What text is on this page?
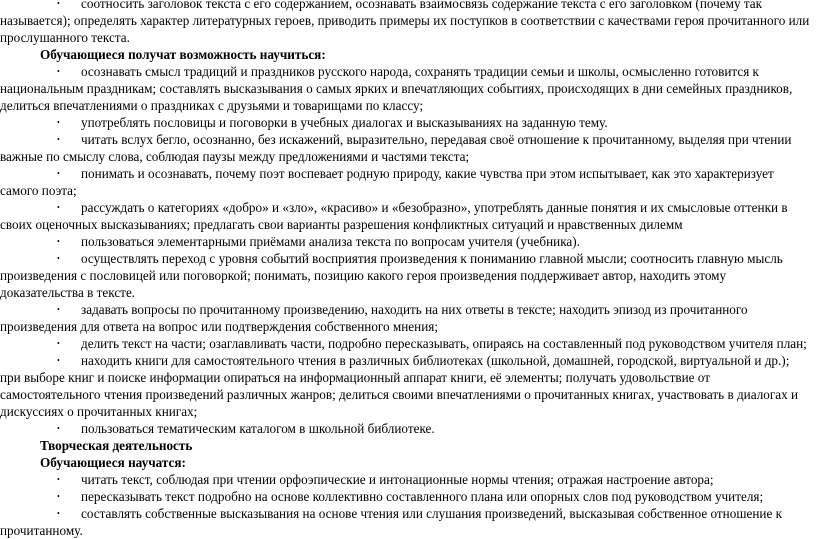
• соотносить заголовок текста с его содержанием, осознавать взаимосвязь содержание текста с его заголовком (почему так называется); определять характер литературных героев, приводить примеры их поступков в соответствии с качествами героя прочитанного или прослушанного текста.

Обучающиеся получат возможность научиться:

• осознавать смысл традиций и праздников русского народа, сохранять традиции семьи и школы, осмысленно готовится к национальным праздникам; составлять высказывания о самых ярких и впечатляющих событиях, происходящих в дни семейных праздников, делиться впечатлениями о праздниках с друзьями и товарищами по классу;

• употреблять пословицы и поговорки в учебных диалогах и высказываниях на заданную тему.

• читать вслух бегло, осознанно, без искажений, выразительно, передавая своё отношение к прочитанному, выделяя при чтении важные по смыслу слова, соблюдая паузы между предложениями и частями текста;

• понимать и осознавать, почему поэт воспевает родную природу, какие чувства при этом испытывает, как это характеризует самого поэта;

• рассуждать о категориях «добро» и «зло», «красиво» и «безобразно», употреблять данные понятия и их смысловые оттенки в своих оценочных высказываниях; предлагать свои варианты разрешения конфликтных ситуаций и нравственных дилемм

• пользоваться элементарными приёмами анализа текста по вопросам учителя (учебника).

• осуществлять переход с уровня событий восприятия произведения к пониманию главной мысли; соотносить главную мысль произведения с пословицей или поговоркой; понимать, позицию какого героя произведения поддерживает автор, находить этому доказательства в тексте.

• задавать вопросы по прочитанному произведению, находить на них ответы в тексте; находить эпизод из прочитанного произведения для ответа на вопрос или подтверждения собственного мнения;

• делить текст на части; озаглавливать части, подробно пересказывать, опираясь на составленный под руководством учителя план;

• находить книги для самостоятельного чтения в различных библиотеках (школьной, домашней, городской, виртуальной и др.); при выборе книг и поиске информации опираться на информационный аппарат книги, её элементы; получать удовольствие от самостоятельного чтения произведений различных жанров; делиться своими впечатлениями о прочитанных книгах, участвовать в диалогах и дискуссиях о прочитанных книгах;

• пользоваться тематическим каталогом в школьной библиотеке.

Творческая деятельность

Обучающиеся научатся:

• читать текст, соблюдая при чтении орфоэпические и интонационные нормы чтения; отражая настроение автора;

• пересказывать текст подробно на основе коллективно составленного плана или опорных слов под руководством учителя;

• составлять собственные высказывания на основе чтения или слушания произведений, высказывая собственное отношение к прочитанному.
